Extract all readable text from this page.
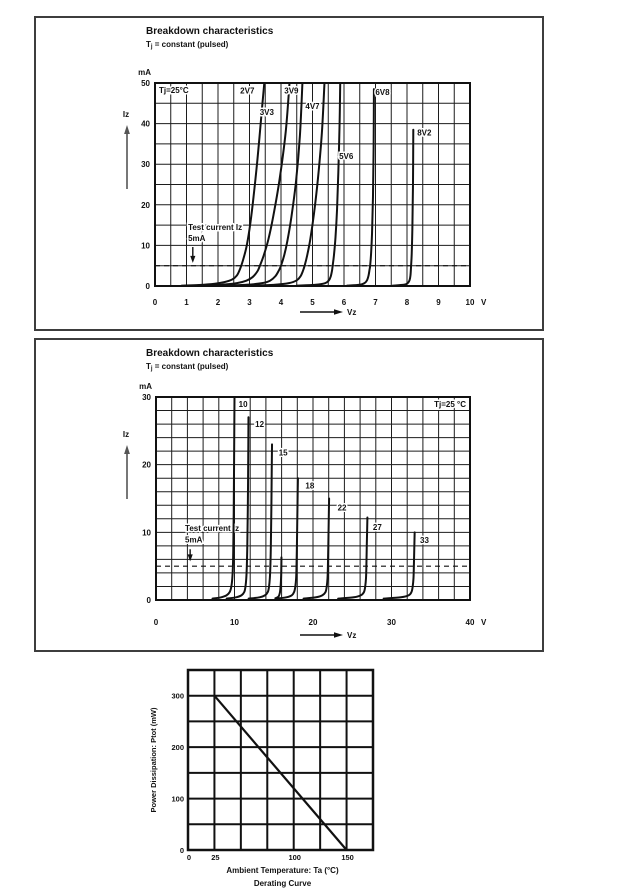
Breakdown characteristics
Tj = constant (pulsed)
0
10
20
30
40
50
mA
0	1	2	3	4	5	6	7	8	9	10 V
Tj=25°C
Iz
Vz
Test current Iz
5mA
2V7
3V3
3V9
4V7
5V6
6V8
8V2
Breakdown characteristics
Tj = constant (pulsed)
0
10
20
30
mA
0	10	20	30	40 V
Tj=25 °C
Iz
Vz
Test current Iz
5mA
10
12
15
18
22
27
33
0
100
200
300
0	25	100	150
Power Dissipation: Ptot (mW)
Ambient Temperature: Ta (°C)
Derating Curve
